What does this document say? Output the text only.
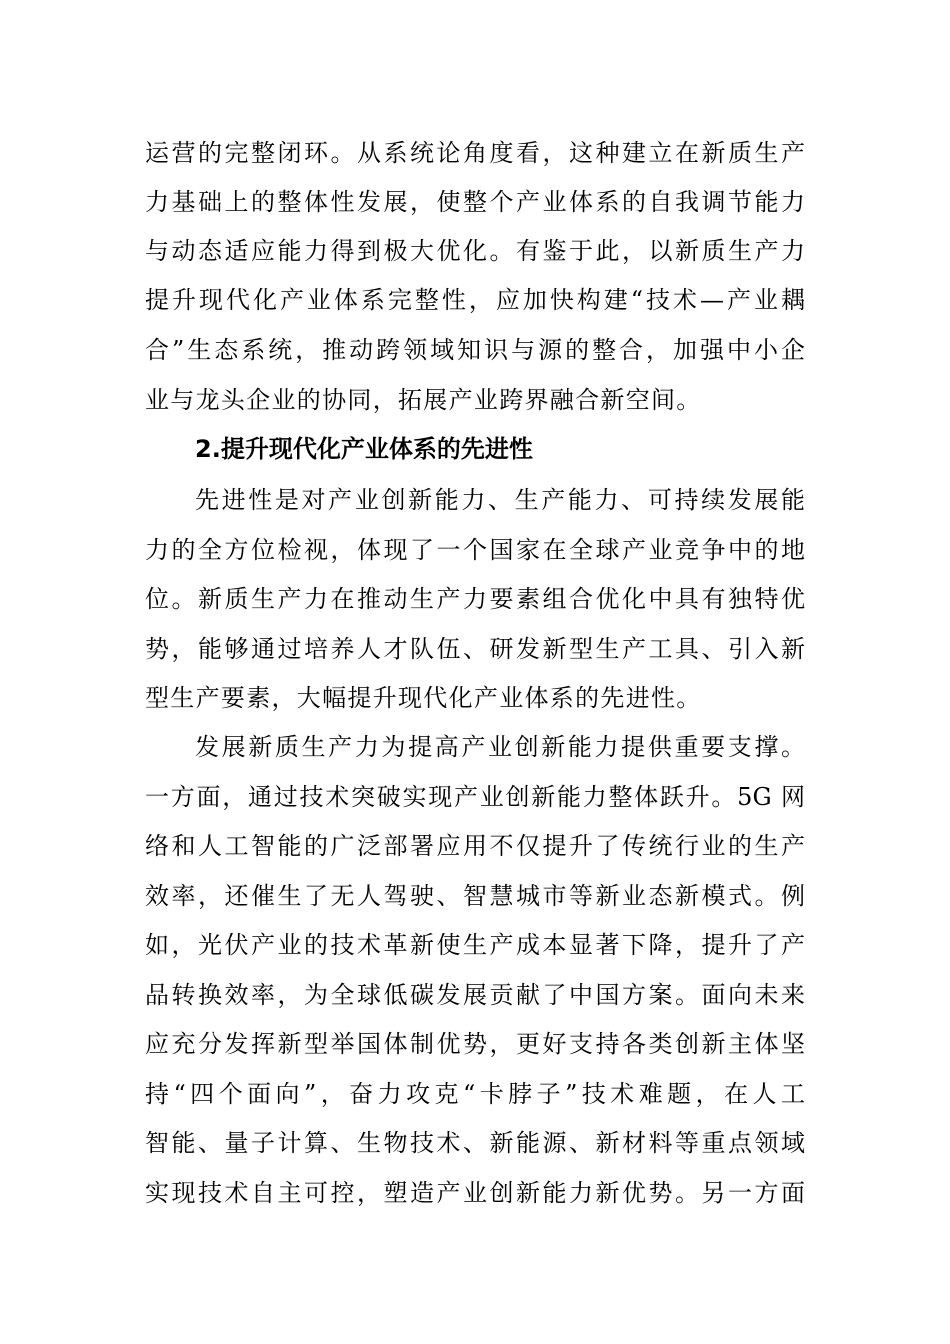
运营的完整闭环。从系统论角度看，这种建立在新质生产
力基础上的整体性发展，使整个产业体系的自我调节能力
与动态适应能力得到极大优化。有鉴于此，以新质生产力
提升现代化产业体系完整性，应加快构建“技术—产业耦
合”生态系统，推动跨领域知识与源的整合，加强中小企
业与龙头企业的协同，拓展产业跨界融合新空间。
2.提升现代化产业体系的先进性
先进性是对产业创新能力、生产能力、可持续发展能
力的全方位检视，体现了一个国家在全球产业竞争中的地
位。新质生产力在推动生产力要素组合优化中具有独特优
势，能够通过培养人才队伍、研发新型生产工具、引入新
型生产要素，大幅提升现代化产业体系的先进性。
发展新质生产力为提高产业创新能力提供重要支撑。
一方面，通过技术突破实现产业创新能力整体跃升。5G 网
络和人工智能的广泛部署应用不仅提升了传统行业的生产
效率，还催生了无人驾驶、智慧城市等新业态新模式。例
如，光伏产业的技术革新使生产成本显著下降，提升了产
品转换效率，为全球低碳发展贡献了中国方案。面向未来
应充分发挥新型举国体制优势，更好支持各类创新主体坚
持“四个面向”，奋力攻克“卡脖子”技术难题，在人工
智能、量子计算、生物技术、新能源、新材料等重点领域
实现技术自主可控，塑造产业创新能力新优势。另一方面
